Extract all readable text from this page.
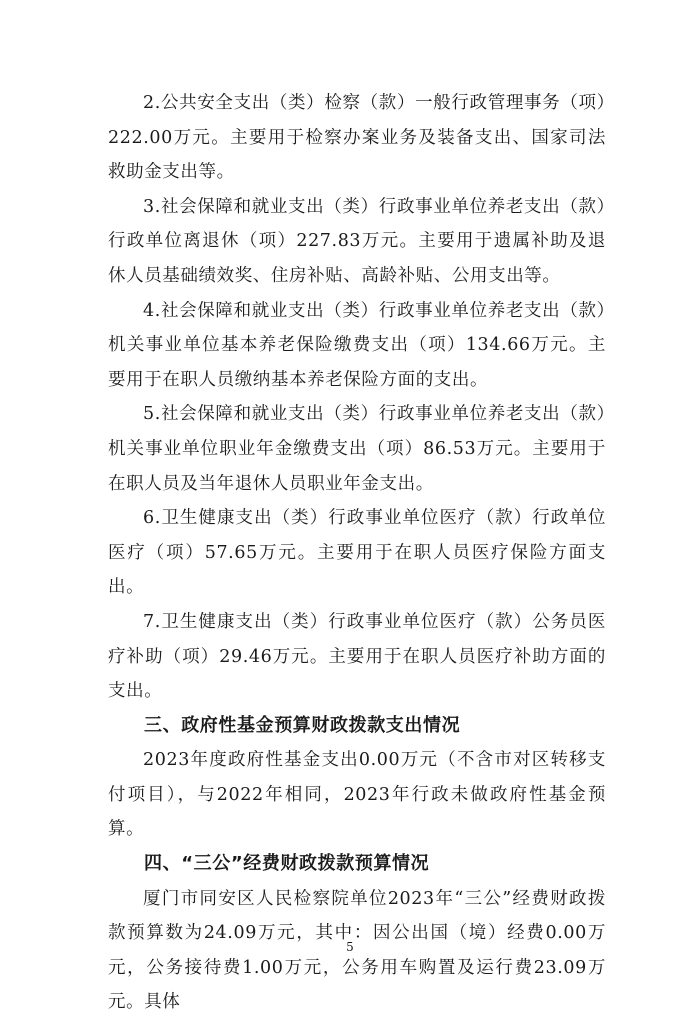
2.公共安全支出（类）检察（款）一般行政管理事务（项）222.00万元。主要用于检察办案业务及装备支出、国家司法救助金支出等。

3.社会保障和就业支出（类）行政事业单位养老支出（款）行政单位离退休（项）227.83万元。主要用于遗属补助及退休人员基础绩效奖、住房补贴、高龄补贴、公用支出等。

4.社会保障和就业支出（类）行政事业单位养老支出（款）机关事业单位基本养老保险缴费支出（项）134.66万元。主要用于在职人员缴纳基本养老保险方面的支出。

5.社会保障和就业支出（类）行政事业单位养老支出（款）机关事业单位职业年金缴费支出（项）86.53万元。主要用于在职人员及当年退休人员职业年金支出。

6.卫生健康支出（类）行政事业单位医疗（款）行政单位医疗（项）57.65万元。主要用于在职人员医疗保险方面支出。

7.卫生健康支出（类）行政事业单位医疗（款）公务员医疗补助（项）29.46万元。主要用于在职人员医疗补助方面的支出。

三、政府性基金预算财政拨款支出情况

2023年度政府性基金支出0.00万元（不含市对区转移支付项目），与2022年相同，2023年行政未做政府性基金预算。

四、“三公”经费财政拨款预算情况

厦门市同安区人民检察院单位2023年“三公”经费财政拨款预算数为24.09万元，其中：因公出国（境）经费0.00万元，公务接待费1.00万元，公务用车购置及运行费23.09万元。具体

5
